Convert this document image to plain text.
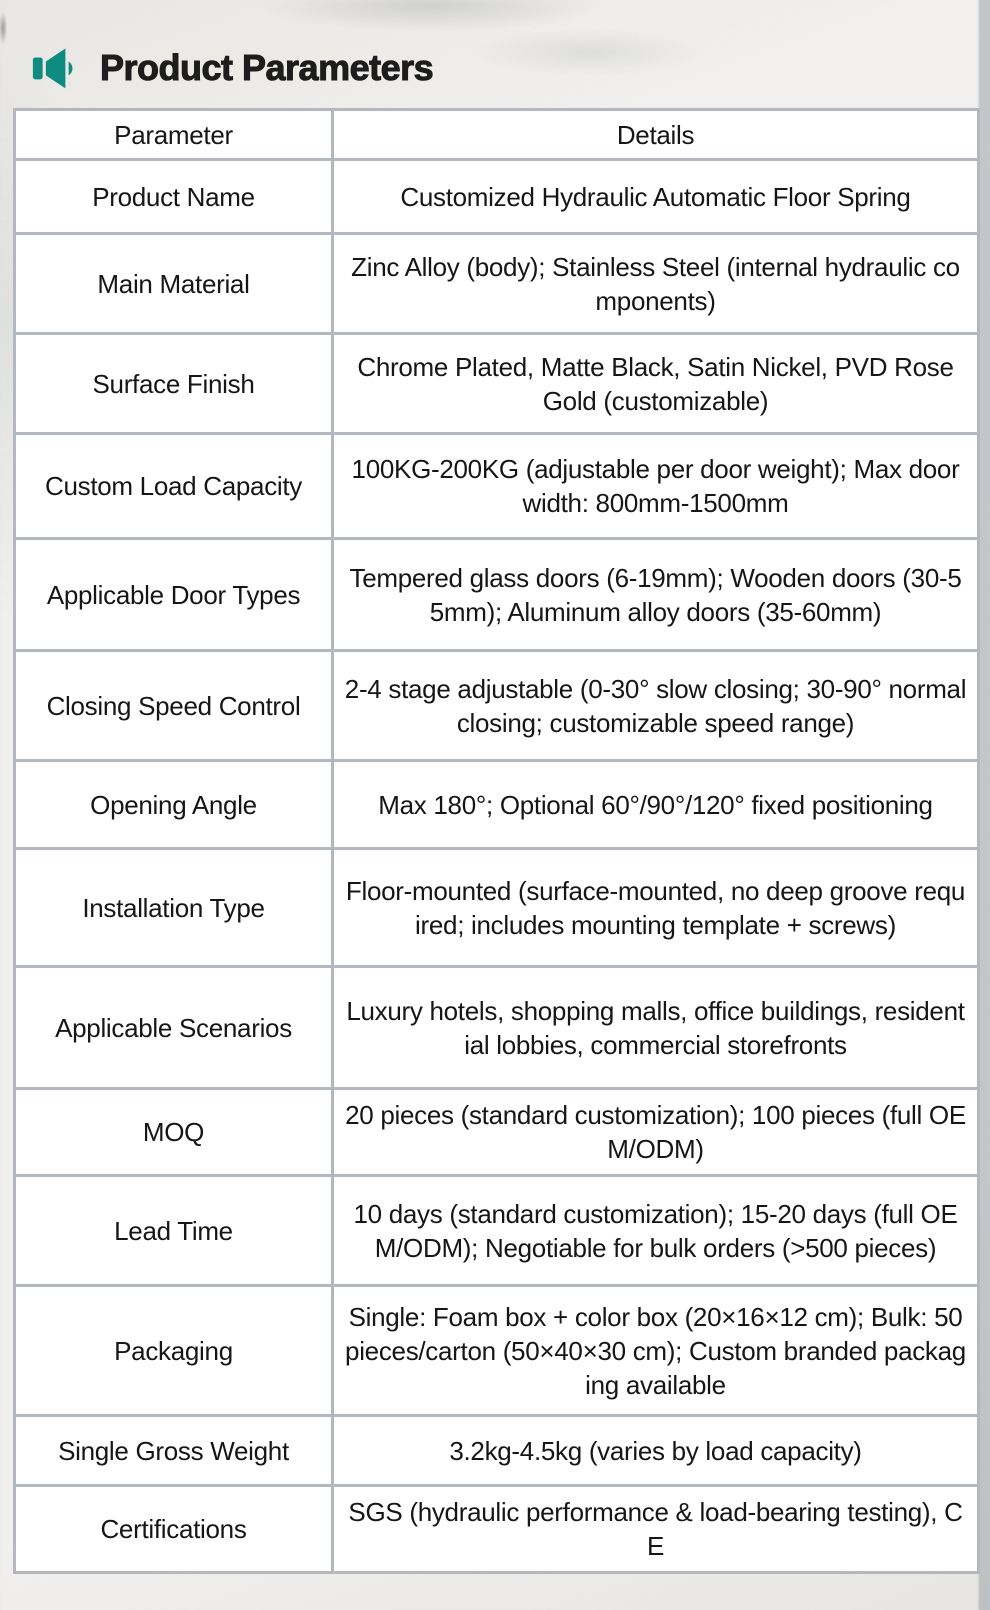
Product Parameters
Parameter	Details
Product Name	Customized Hydraulic Automatic Floor Spring
Main Material	Zinc Alloy (body); Stainless Steel (internal hydraulic components)
Surface Finish	Chrome Plated, Matte Black, Satin Nickel, PVD Rose Gold (customizable)
Custom Load Capacity	100KG-200KG (adjustable per door weight); Max door width: 800mm-1500mm
Applicable Door Types	Tempered glass doors (6-19mm); Wooden doors (30-55mm); Aluminum alloy doors (35-60mm)
Closing Speed Control	2-4 stage adjustable (0-30° slow closing; 30-90° normal closing; customizable speed range)
Opening Angle	Max 180°; Optional 60°/90°/120° fixed positioning
Installation Type	Floor-mounted (surface-mounted, no deep groove required; includes mounting template + screws)
Applicable Scenarios	Luxury hotels, shopping malls, office buildings, residential lobbies, commercial storefronts
MOQ	20 pieces (standard customization); 100 pieces (full OEM/ODM)
Lead Time	10 days (standard customization); 15-20 days (full OEM/ODM); Negotiable for bulk orders (>500 pieces)
Packaging	Single: Foam box + color box (20×16×12 cm); Bulk: 50 pieces/carton (50×40×30 cm); Custom branded packaging available
Single Gross Weight	3.2kg-4.5kg (varies by load capacity)
Certifications	SGS (hydraulic performance & load-bearing testing), CE
